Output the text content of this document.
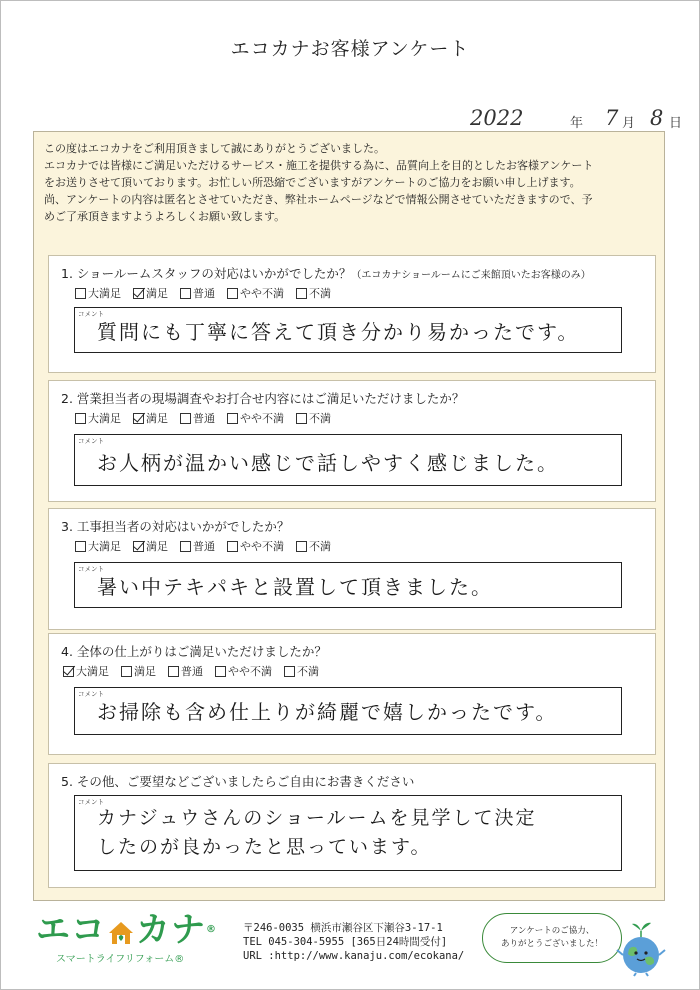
エコカナお客様アンケート
2022	年 7 月 8 日
この度はエコカナをご利用頂きまして誠にありがとうございました。
エコカナでは皆様にご満足いただけるサービス・施工を提供する為に、品質向上を目的としたお客様アンケート
をお送りさせて頂いております。お忙しい所恐縮でございますがアンケートのご協力をお願い申し上げます。
尚、アンケートの内容は匿名とさせていただき、弊社ホームページなどで情報公開させていただきますので、予
めご了承頂きますようよろしくお願い致します。
1. ショールームスタッフの対応はいかがでしたか？（エコカナショールームにご来館頂いたお客様のみ）
大満足 満足 普通 やや不満 不満
コメント
質問にも丁寧に答えて頂き分かり易かったです。
2. 営業担当者の現場調査やお打合せ内容にはご満足いただけましたか？
大満足 満足 普通 やや不満 不満
コメント
お人柄が温かい感じで話しやすく感じました。
3. 工事担当者の対応はいかがでしたか？
大満足 満足 普通 やや不満 不満
コメント
暑い中テキパキと設置して頂きました。
4. 全体の仕上がりはご満足いただけましたか？
大満足 満足 普通 やや不満 不満
コメント
お掃除も含め仕上りが綺麗で嬉しかったです。
5. その他、ご要望などございましたらご自由にお書きください
コメント
カナジュウさんのショールームを見学して決定
したのが良かったと思っています。
エコ カナ ®
スマートライフリフォーム®
〒246-0035 横浜市瀬谷区下瀬谷3-17-1
TEL 045-304-5955 [365日24時間受付]
URL :http://www.kanaju.com/ecokana/
アンケートのご協力、
ありがとうございました！
